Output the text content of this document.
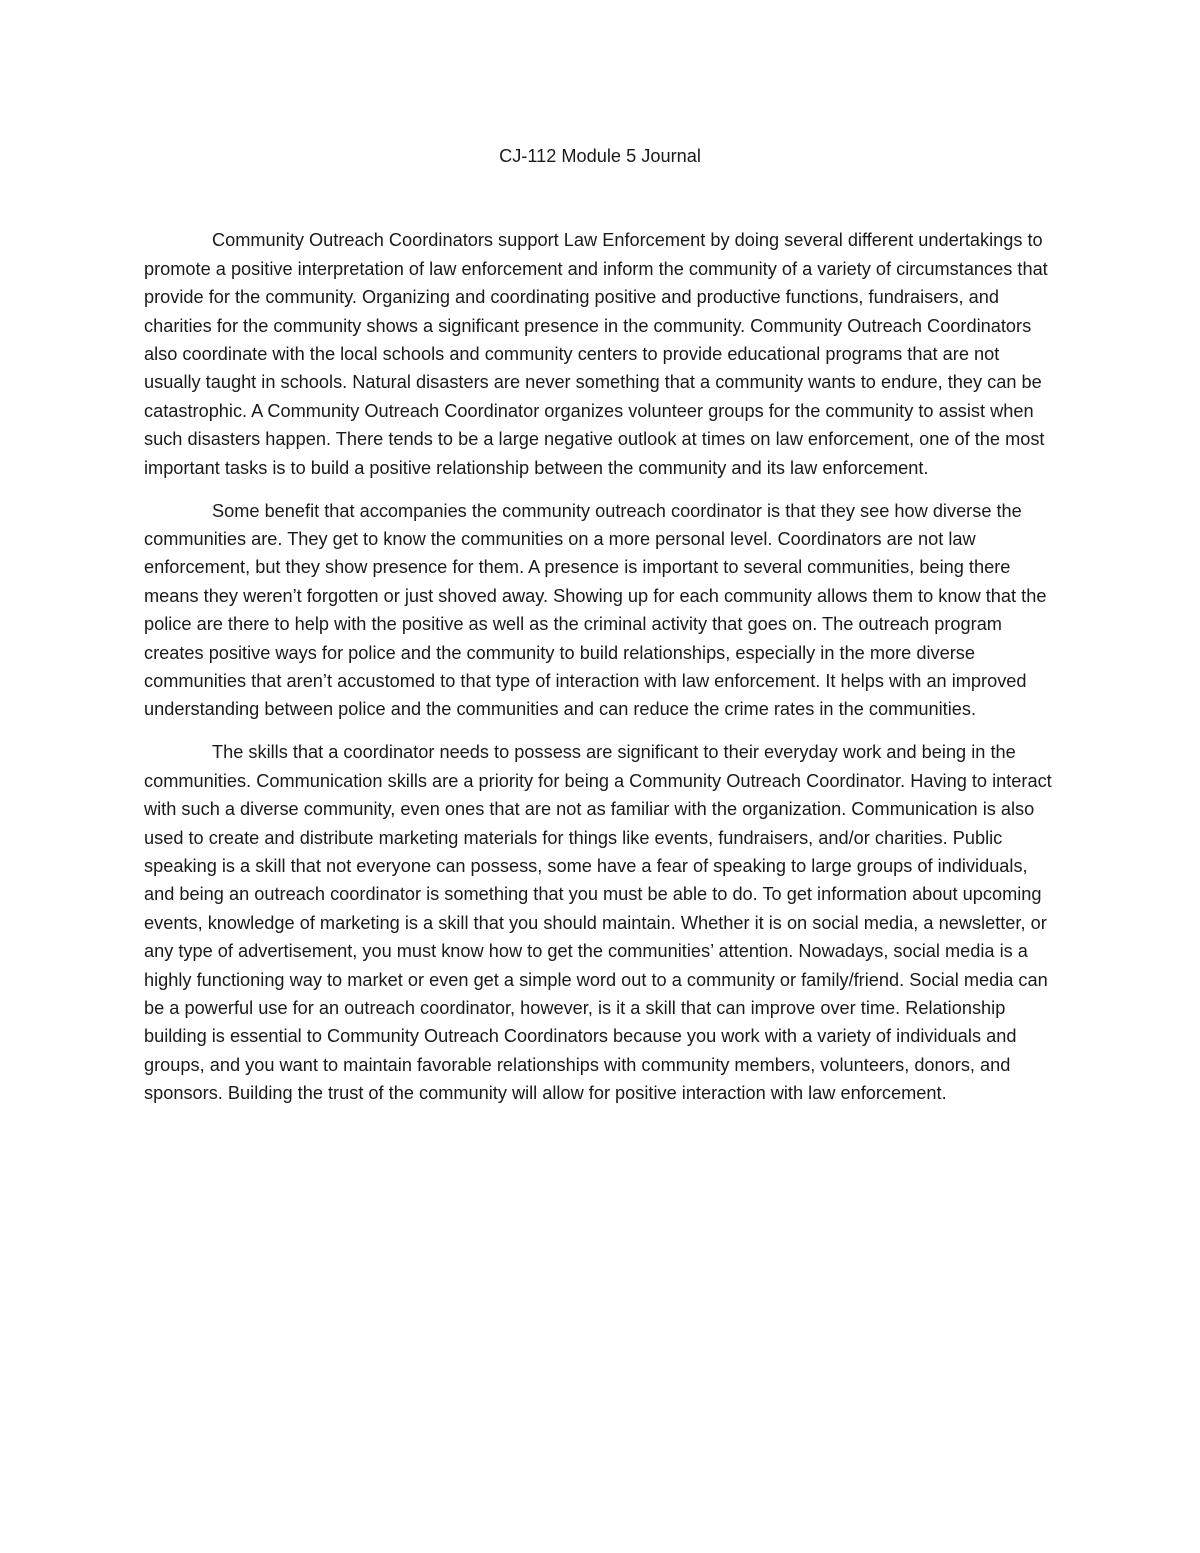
CJ-112 Module 5 Journal

Community Outreach Coordinators support Law Enforcement by doing several different undertakings to promote a positive interpretation of law enforcement and inform the community of a variety of circumstances that provide for the community. Organizing and coordinating positive and productive functions, fundraisers, and charities for the community shows a significant presence in the community. Community Outreach Coordinators also coordinate with the local schools and community centers to provide educational programs that are not usually taught in schools. Natural disasters are never something that a community wants to endure, they can be catastrophic. A Community Outreach Coordinator organizes volunteer groups for the community to assist when such disasters happen. There tends to be a large negative outlook at times on law enforcement, one of the most important tasks is to build a positive relationship between the community and its law enforcement.

Some benefit that accompanies the community outreach coordinator is that they see how diverse the communities are. They get to know the communities on a more personal level. Coordinators are not law enforcement, but they show presence for them. A presence is important to several communities, being there means they weren’t forgotten or just shoved away. Showing up for each community allows them to know that the police are there to help with the positive as well as the criminal activity that goes on. The outreach program creates positive ways for police and the community to build relationships, especially in the more diverse communities that aren’t accustomed to that type of interaction with law enforcement. It helps with an improved understanding between police and the communities and can reduce the crime rates in the communities.

The skills that a coordinator needs to possess are significant to their everyday work and being in the communities. Communication skills are a priority for being a Community Outreach Coordinator. Having to interact with such a diverse community, even ones that are not as familiar with the organization. Communication is also used to create and distribute marketing materials for things like events, fundraisers, and/or charities. Public speaking is a skill that not everyone can possess, some have a fear of speaking to large groups of individuals, and being an outreach coordinator is something that you must be able to do. To get information about upcoming events, knowledge of marketing is a skill that you should maintain. Whether it is on social media, a newsletter, or any type of advertisement, you must know how to get the communities’ attention. Nowadays, social media is a highly functioning way to market or even get a simple word out to a community or family/friend. Social media can be a powerful use for an outreach coordinator, however, is it a skill that can improve over time. Relationship building is essential to Community Outreach Coordinators because you work with a variety of individuals and groups, and you want to maintain favorable relationships with community members, volunteers, donors, and sponsors. Building the trust of the community will allow for positive interaction with law enforcement.
